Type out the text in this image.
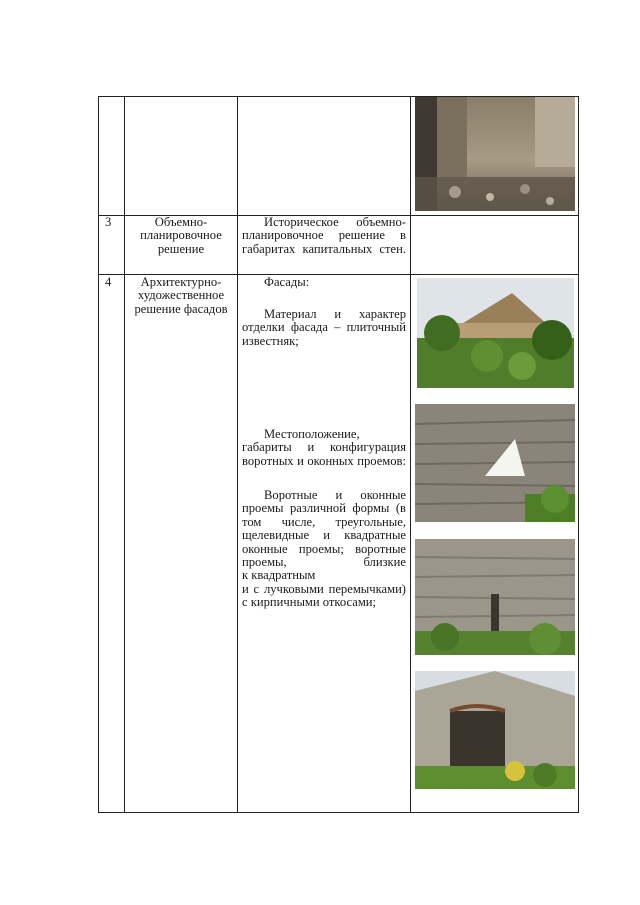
3	Объемно-планировочное решение
Историческое объемно-планировочное решение в габаритах капитальных стен.
4	Архитектурно-художественное решение фасадов
Фасады:
Материал и характер отделки фасада – плиточный известняк;
Местоположение, габариты и конфигурация воротных и оконных проемов:
Воротные и оконные проемы различной формы (в том числе, треугольные, щелевидные и квадратные оконные проемы; воротные проемы, близкие
к квадратным
и с лучковыми перемычками) с кирпичными откосами;
